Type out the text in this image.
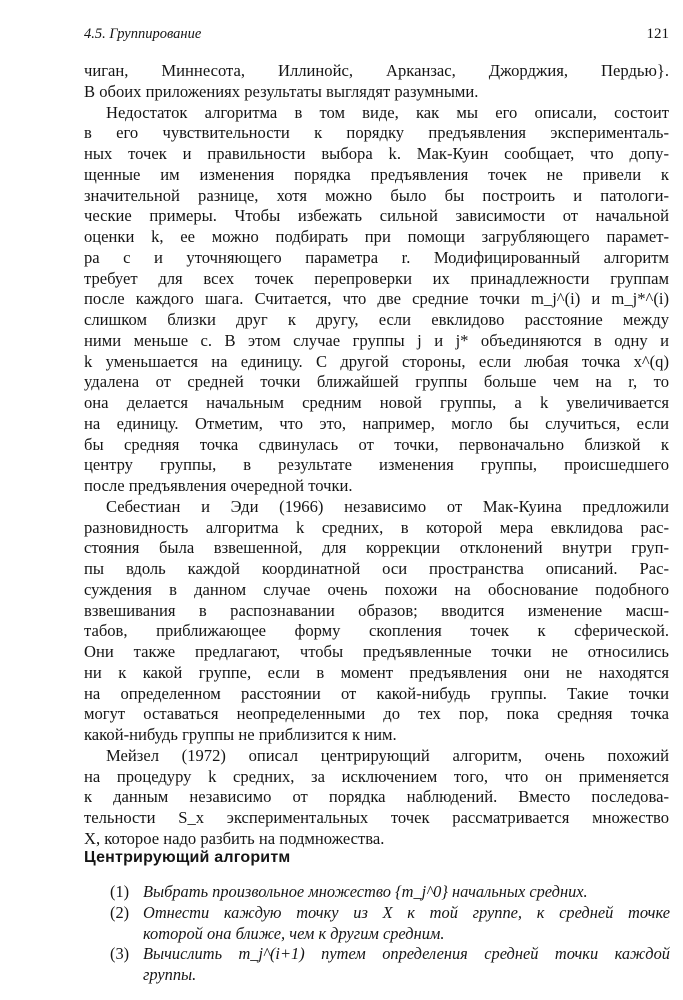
4.5. Группирование	121
чиган, Миннесота, Иллинойс, Арканзас, Джорджия, Пердью}.
В обоих приложениях результаты выглядят разумными.
Недостаток алгоритма в том виде, как мы его описали, состоит
в его чувствительности к порядку предъявления эксперименталь-
ных точек и правильности выбора k. Мак-Куин сообщает, что допу-
щенные им изменения порядка предъявления точек не привели к
значительной разнице, хотя можно было бы построить и патологи-
ческие примеры. Чтобы избежать сильной зависимости от начальной
оценки k, ее можно подбирать при помощи загрубляющего парамет-
ра c и уточняющего параметра r. Модифицированный алгоритм
требует для всех точек перепроверки их принадлежности группам
после каждого шага. Считается, что две средние точки m_j^(i) и m_j*^(i)
слишком близки друг к другу, если евклидово расстояние между
ними меньше c. В этом случае группы j и j* объединяются в одну и
k уменьшается на единицу. С другой стороны, если любая точка x^(q)
удалена от средней точки ближайшей группы больше чем на r, то
она делается начальным средним новой группы, а k увеличивается
на единицу. Отметим, что это, например, могло бы случиться, если
бы средняя точка сдвинулась от точки, первоначально близкой к
центру группы, в результате изменения группы, происшедшего
после предъявления очередной точки.
Себестиан и Эди (1966) независимо от Мак-Куина предложили
разновидность алгоритма k средних, в которой мера евклидова рас-
стояния была взвешенной, для коррекции отклонений внутри груп-
пы вдоль каждой координатной оси пространства описаний. Рас-
суждения в данном случае очень похожи на обоснование подобного
взвешивания в распознавании образов; вводится изменение масш-
табов, приближающее форму скопления точек к сферической.
Они также предлагают, чтобы предъявленные точки не относились
ни к какой группе, если в момент предъявления они не находятся
на определенном расстоянии от какой-нибудь группы. Такие точки
могут оставаться неопределенными до тех пор, пока средняя точка
какой-нибудь группы не приблизится к ним.
Мейзел (1972) описал центрирующий алгоритм, очень похожий
на процедуру k средних, за исключением того, что он применяется
к данным независимо от порядка наблюдений. Вместо последова-
тельности S_x экспериментальных точек рассматривается множество
X, которое надо разбить на подмножества.
Центрирующий алгоритм
(1) Выбрать произвольное множество {m_j^0} начальных средних.
(2) Отнести каждую точку из X к той группе, к средней точке
которой она ближе, чем к другим средним.
(3) Вычислить m_j^(i+1) путем определения средней точки каждой
группы.
